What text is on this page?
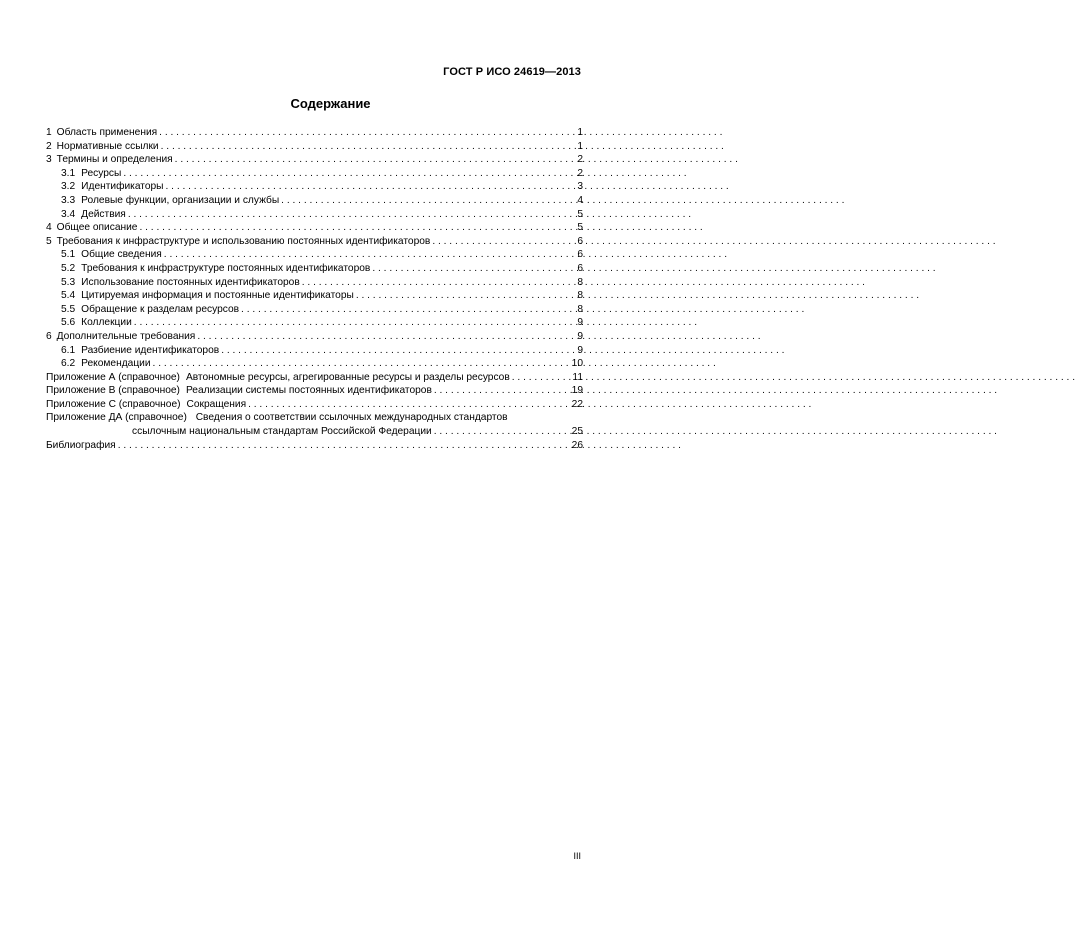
ГОСТ Р ИСО 24619—2013
Содержание
1 Область применения . . .	1
2 Нормативные ссылки . . .	1
3 Термины и определения . . .	2
3.1 Ресурсы . . .	2
3.2 Идентификаторы . . .	3
3.3 Ролевые функции, организации и службы . . .	4
3.4 Действия . . .	5
4 Общее описание . . .	5
5 Требования к инфраструктуре и использованию постоянных идентификаторов . . .	6
5.1 Общие сведения . . .	6
5.2 Требования к инфраструктуре постоянных идентификаторов . . .	6
5.3 Использование постоянных идентификаторов . . .	8
5.4 Цитируемая информация и постоянные идентификаторы . . .	8
5.5 Обращение к разделам ресурсов . . .	8
5.6 Коллекции . . .	9
6 Дополнительные требования . . .	9
6.1 Разбиение идентификаторов . . .	9
6.2 Рекомендации . . .	10
Приложение А (справочное) Автономные ресурсы, агрегированные ресурсы и разделы ресурсов . . .	11
Приложение В (справочное) Реализации системы постоянных идентификаторов . . .	19
Приложение С (справочное) Сокращения . . .	22
Приложение ДА (справочное) Сведения о соответствии ссылочных международных стандартов
ссылочным национальным стандартам Российской Федерации . . .	25
Библиография . . .	26
III
